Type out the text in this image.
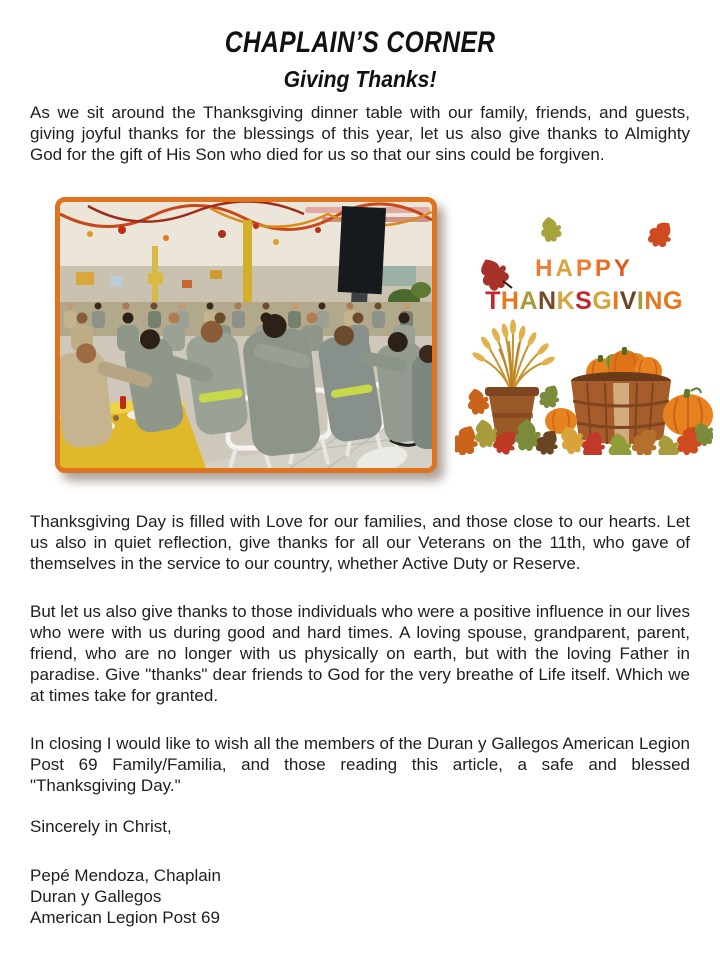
CHAPLAIN’S CORNER
Giving Thanks!

As we sit around the Thanksgiving dinner table with our family, friends, and guests, giving joyful thanks for the blessings of this year, let us also give thanks to Almighty God for the gift of His Son who died for us so that our sins could be forgiven.

HAPPY
THANKSGIVING

Thanksgiving Day is filled with Love for our families, and those close to our hearts. Let us also in quiet reflection, give thanks for all our Veterans on the 11th, who gave of themselves in the service to our country, whether Active Duty or Reserve.

But let us also give thanks to those individuals who were a positive influence in our lives who were with us during good and hard times. A loving spouse, grandparent, parent, friend, who are no longer with us physically on earth, but with the loving Father in paradise. Give "thanks" dear friends to God for the very breathe of Life itself. Which we at times take for granted.

In closing I would like to wish all the members of the Duran y Gallegos American Legion Post 69 Family/Familia, and those reading this article, a safe and blessed "Thanksgiving Day."

Sincerely in Christ,

Pepé Mendoza, Chaplain
Duran y Gallegos
American Legion Post 69
